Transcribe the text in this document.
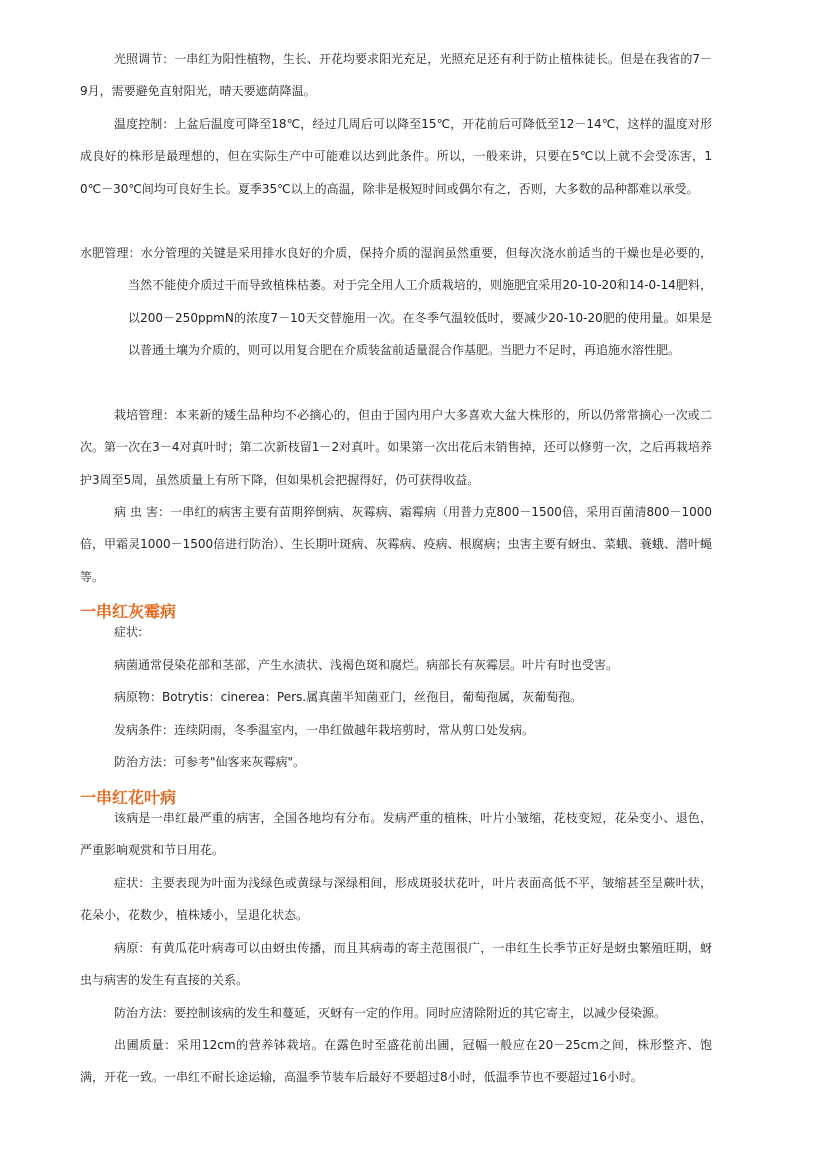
光照调节：一串红为阳性植物，生长、开花均要求阳光充足，光照充足还有利于防止植株徒长。但是在我省的7－9月，需要避免直射阳光，晴天要遮荫降温。

温度控制：上盆后温度可降至18℃，经过几周后可以降至15℃，开花前后可降低至12－14℃，这样的温度对形成良好的株形是最理想的，但在实际生产中可能难以达到此条件。所以，一般来讲，只要在5℃以上就不会受冻害，10℃－30℃间均可良好生长。夏季35℃以上的高温，除非是极短时间或偶尔有之，否则，大多数的品种都难以承受。

水肥管理：水分管理的关键是采用排水良好的介质，保持介质的湿润虽然重要，但每次浇水前适当的干燥也是必要的，当然不能使介质过干而导致植株枯萎。对于完全用人工介质栽培的，则施肥宜采用20-10-20和14-0-14肥料，以200－250ppmN的浓度7－10天交替施用一次。在冬季气温较低时，要减少20-10-20肥的使用量。如果是以普通土壤为介质的，则可以用复合肥在介质装盆前适量混合作基肥。当肥力不足时，再追施水溶性肥。

栽培管理：本来新的矮生品种均不必摘心的，但由于国内用户大多喜欢大盆大株形的，所以仍常常摘心一次或二次。第一次在3－4对真叶时；第二次新枝留1－2对真叶。如果第一次出花后未销售掉，还可以修剪一次，之后再栽培养护3周至5周，虽然质量上有所下降，但如果机会把握得好，仍可获得收益。

病 虫 害：一串红的病害主要有苗期猝倒病、灰霉病、霜霉病（用普力克800－1500倍，采用百菌清800－1000倍，甲霜灵1000－1500倍进行防治）、生长期叶斑病、灰霉病、疫病、根腐病；虫害主要有蚜虫、菜蛾、蓑蛾、潜叶蝇等。

一串红灰霉病

症状:

病菌通常侵染花部和茎部，产生水渍状、浅褐色斑和腐烂。病部长有灰霉层。叶片有时也受害。

病原物：Botrytis：cinerea：Pers.属真菌半知菌亚门，丝孢目，葡萄孢属，灰葡萄孢。

发病条件：连续阴雨，冬季温室内，一串红做越年栽培剪时，常从剪口处发病。

防治方法：可参考"仙客来灰霉病"。

一串红花叶病

该病是一串红最严重的病害，全国各地均有分布。发病严重的植株，叶片小皱缩，花枝变短，花朵变小、退色，严重影响观赏和节日用花。

症状：主要表现为叶面为浅绿色或黄绿与深绿相间，形成斑驳状花叶，叶片表面高低不平，皱缩甚至呈蕨叶状，花朵小，花数少，植株矮小，呈退化状态。

病原：有黄瓜花叶病毒可以由蚜虫传播，而且其病毒的寄主范围很广，一串红生长季节正好是蚜虫繁殖旺期，蚜虫与病害的发生有直接的关系。

防治方法：要控制该病的发生和蔓延，灭蚜有一定的作用。同时应清除附近的其它寄主，以减少侵染源。

出圃质量：采用12cm的营养钵栽培。在露色时至盛花前出圃，冠幅一般应在20－25cm之间，株形整齐、饱满，开花一致。一串红不耐长途运输，高温季节装车后最好不要超过8小时，低温季节也不要超过16小时。
